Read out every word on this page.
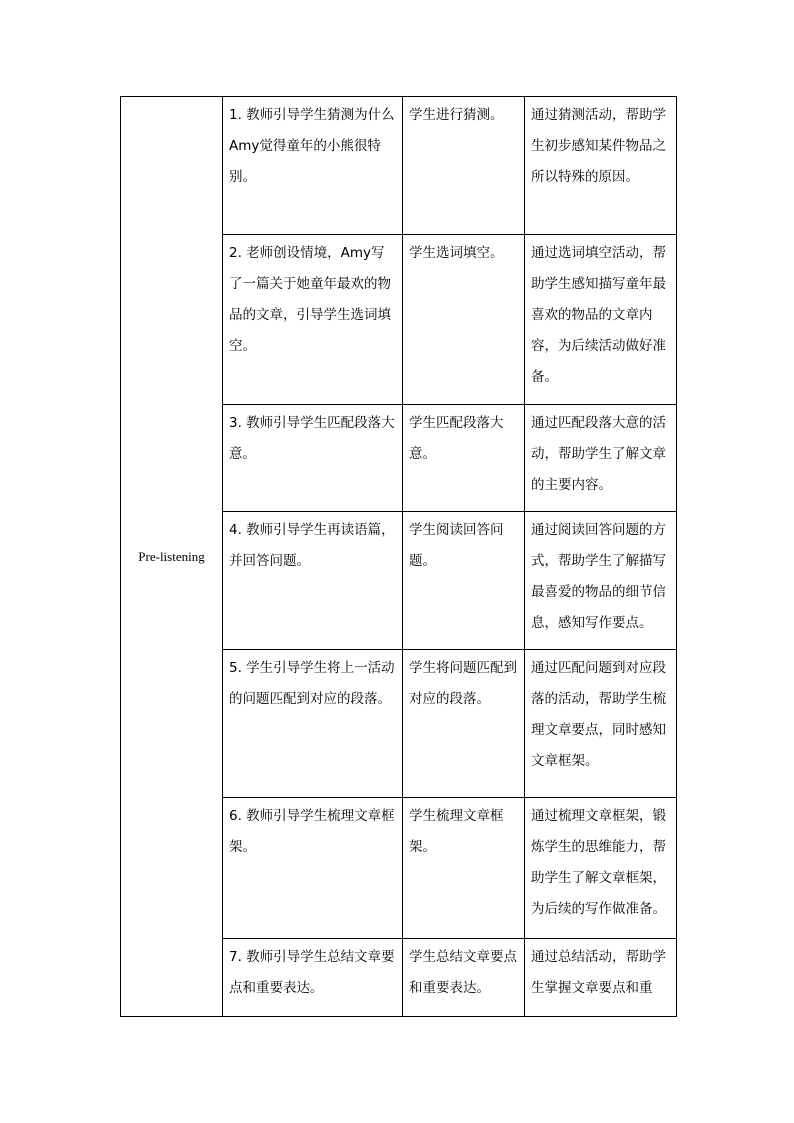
Pre-listening	1. 教师引导学生猜测为什么Amy觉得童年的小熊很特别。	学生进行猜测。	通过猜测活动，帮助学生初步感知某件物品之所以特殊的原因。

	2. 老师创设情境，Amy写了一篇关于她童年最欢的物品的文章，引导学生选词填空。	学生选词填空。	通过选词填空活动，帮助学生感知描写童年最喜欢的物品的文章内容，为后续活动做好准备。

	3. 教师引导学生匹配段落大意。	学生匹配段落大意。	通过匹配段落大意的活动，帮助学生了解文章的主要内容。

	4. 教师引导学生再读语篇，并回答问题。	学生阅读回答问题。	通过阅读回答问题的方式，帮助学生了解描写最喜爱的物品的细节信息，感知写作要点。

	5. 学生引导学生将上一活动的问题匹配到对应的段落。	学生将问题匹配到对应的段落。	通过匹配问题到对应段落的活动，帮助学生梳理文章要点，同时感知文章框架。

	6. 教师引导学生梳理文章框架。	学生梳理文章框架。	通过梳理文章框架，锻炼学生的思维能力，帮助学生了解文章框架，为后续的写作做准备。

	7. 教师引导学生总结文章要点和重要表达。	学生总结文章要点和重要表达。	通过总结活动，帮助学生掌握文章要点和重
